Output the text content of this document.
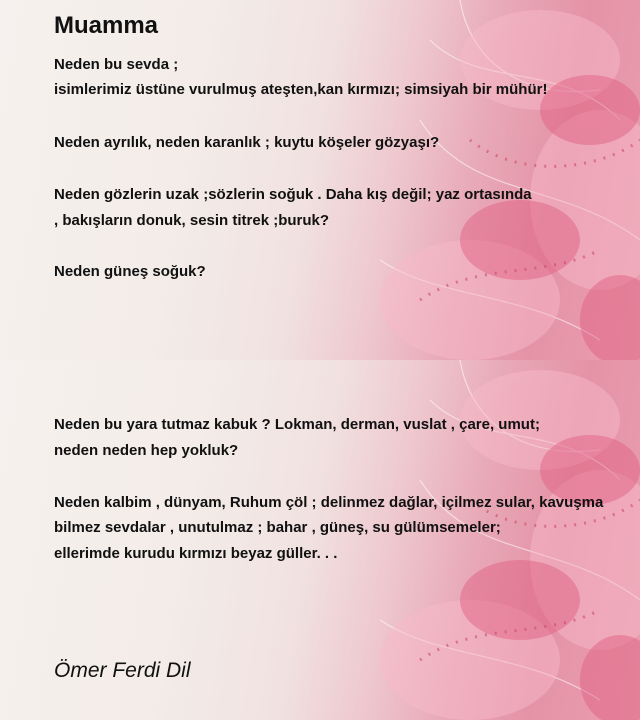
Muamma

Neden bu sevda ;

isimlerimiz üstüne vurulmuş ateşten,kan kırmızı; simsiyah bir mühür!

Neden ayrılık, neden karanlık ; kuytu köşeler gözyaşı?

Neden gözlerin uzak ;sözlerin soğuk . Daha kış değil; yaz ortasında

, bakışların donuk, sesin titrek ;buruk?

Neden güneş soğuk?

Neden bu yara tutmaz kabuk ? Lokman, derman, vuslat , çare, umut;

neden neden hep yokluk?

Neden kalbim , dünyam, Ruhum çöl ; delinmez dağlar, içilmez sular, kavuşma

bilmez sevdalar , unutulmaz ; bahar , güneş, su gülümsemeler;

ellerimde kurudu kırmızı beyaz güller. . .

Ömer Ferdi Dil
